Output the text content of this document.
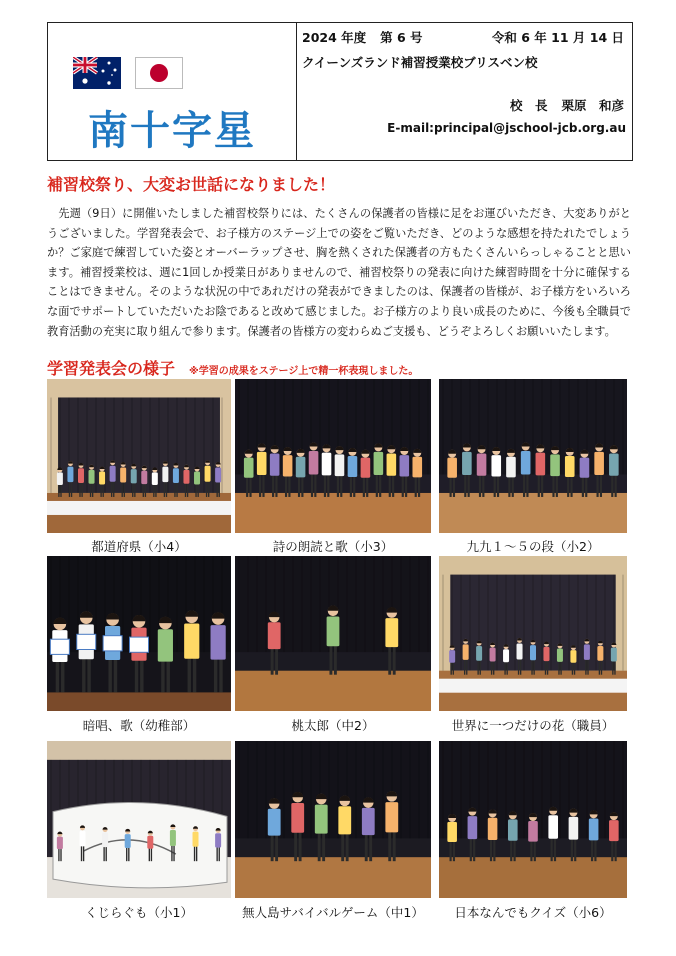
南十字星
2024 年度 第 6 号	令和 6 年 11 月 14 日
クイーンズランド補習授業校ブリスベン校
校　長 栗原　和彦
E-mail:principal@jschool-jcb.org.au
補習校祭り、大変お世話になりました！
　先週（9日）に開催いたしました補習校祭りには、たくさんの保護者の皆様に足をお運びいただき、大変ありがとうございました。学習発表会で、お子様方のステージ上での姿をご覧いただき、どのような感想を持たれたでしょうか？ご家庭で練習していた姿とオーバーラップさせ、胸を熱くされた保護者の方もたくさんいらっしゃることと思います。補習授業校は、週に1回しか授業日がありませんので、補習校祭りの発表に向けた練習時間を十分に確保することはできません。そのような状況の中であれだけの発表ができましたのは、保護者の皆様が、お子様方をいろいろな面でサポートしていただいたお陰であると改めて感じました。お子様方のより良い成長のために、今後も全職員で教育活動の充実に取り組んで参ります。保護者の皆様方の変わらぬご支援も、どうぞよろしくお願いいたします。
学習発表会の様子 ※学習の成果をステージ上で精一杯表現しました。
都道府県（小4）	詩の朗読と歌（小3）	九九１～５の段（小2）
暗唱、歌（幼稚部）	桃太郎（中2）	世界に一つだけの花（職員）
くじらぐも（小1）	無人島サバイバルゲーム（中1）	日本なんでもクイズ（小6）
